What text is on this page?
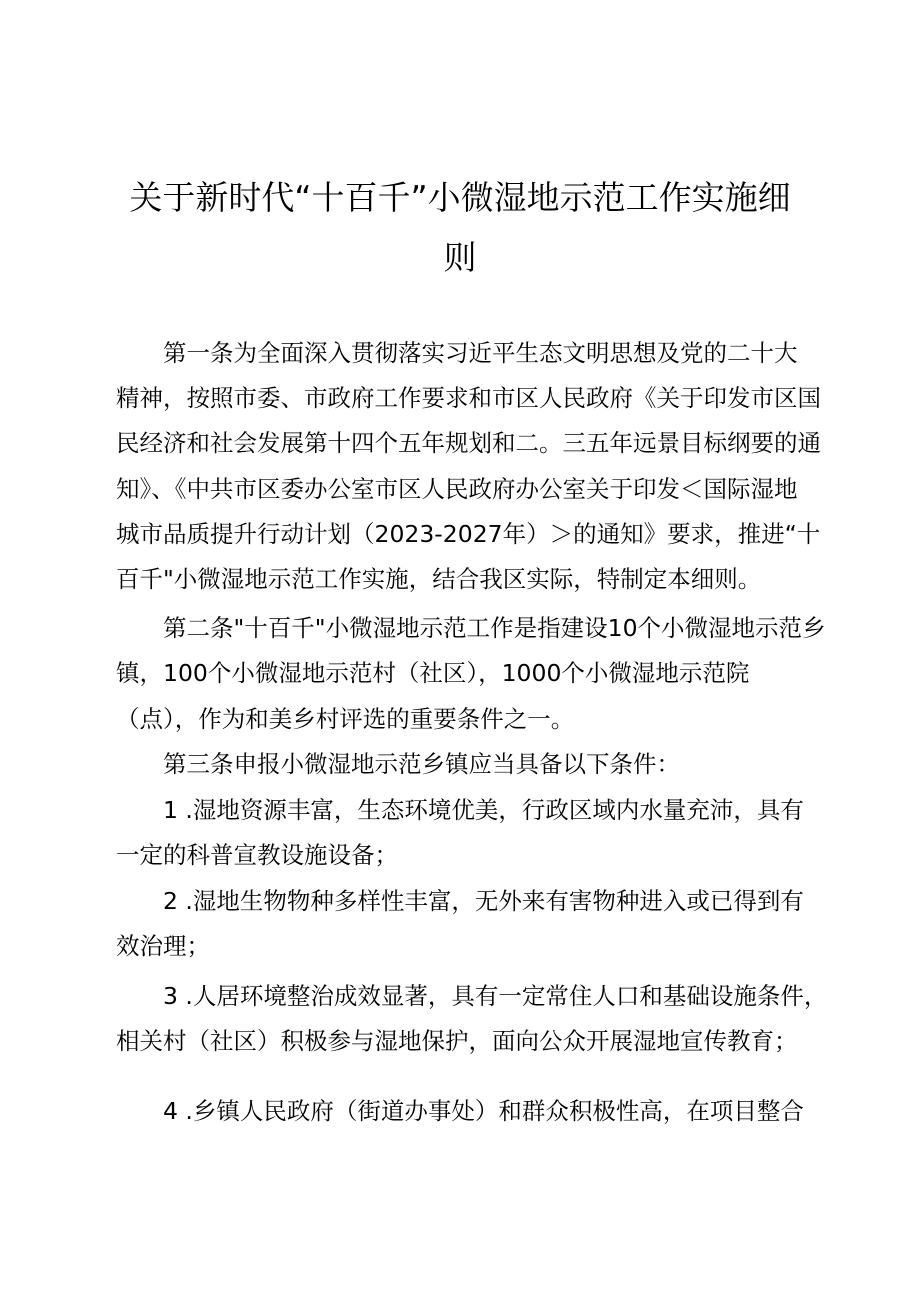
关于新时代“十百千”小微湿地示范工作实施细
则

第一条为全面深入贯彻落实习近平生态文明思想及党的二十大

精神，按照市委、市政府工作要求和市区人民政府《关于印发市区国

民经济和社会发展第十四个五年规划和二。三五年远景目标纲要的通

知》、《中共市区委办公室市区人民政府办公室关于印发＜国际湿地

城市品质提升行动计划（2023-2027年）＞的通知》要求，推进“十

百千"小微湿地示范工作实施，结合我区实际，特制定本细则。

第二条"十百千"小微湿地示范工作是指建设10个小微湿地示范乡

镇，100个小微湿地示范村（社区），1000个小微湿地示范院

（点），作为和美乡村评选的重要条件之一。

第三条申报小微湿地示范乡镇应当具备以下条件：

1 .湿地资源丰富，生态环境优美，行政区域内水量充沛，具有

一定的科普宣教设施设备；

2 .湿地生物物种多样性丰富，无外来有害物种进入或已得到有

效治理；

3 .人居环境整治成效显著，具有一定常住人口和基础设施条件，

相关村（社区）积极参与湿地保护，面向公众开展湿地宣传教育；

4 .乡镇人民政府（街道办事处）和群众积极性高，在项目整合
